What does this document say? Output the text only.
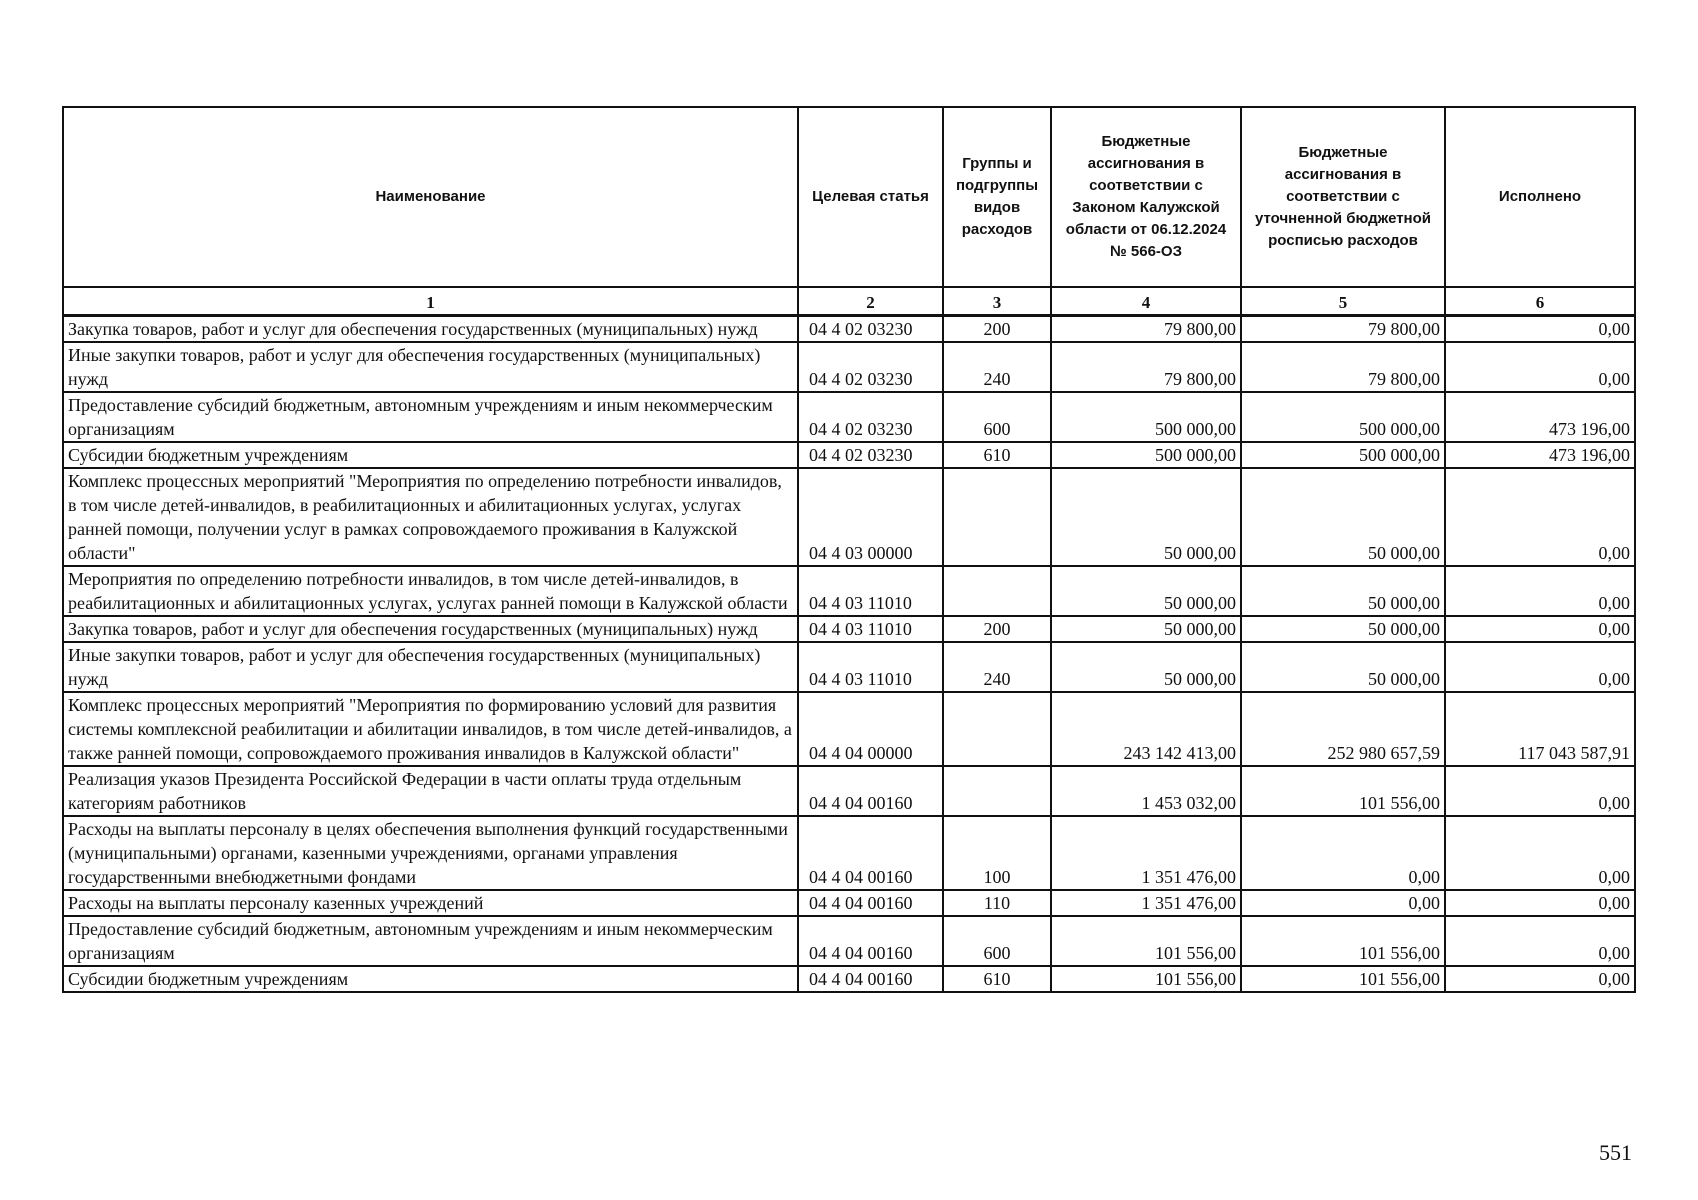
Наименование	Целевая статья	Группы и подгруппы видов расходов	Бюджетные ассигнования в соответствии с Законом Калужской области от 06.12.2024 № 566-ОЗ	Бюджетные ассигнования в соответствии с уточненной бюджетной росписью расходов	Исполнено
1	2	3	4	5	6
Закупка товаров, работ и услуг для обеспечения государственных (муниципальных) нужд	04 4 02 03230	200	79 800,00	79 800,00	0,00
Иные закупки товаров, работ и услуг для обеспечения государственных (муниципальных) нужд	04 4 02 03230	240	79 800,00	79 800,00	0,00
Предоставление субсидий бюджетным, автономным учреждениям и иным некоммерческим организациям	04 4 02 03230	600	500 000,00	500 000,00	473 196,00
Субсидии бюджетным учреждениям	04 4 02 03230	610	500 000,00	500 000,00	473 196,00
Комплекс процессных мероприятий "Мероприятия по определению потребности инвалидов, в том числе детей-инвалидов, в реабилитационных и абилитационных услугах, услугах ранней помощи, получении услуг в рамках сопровождаемого проживания в Калужской области"	04 4 03 00000		50 000,00	50 000,00	0,00
Мероприятия по определению потребности инвалидов, в том числе детей-инвалидов, в реабилитационных и абилитационных услугах, услугах ранней помощи в Калужской области	04 4 03 11010		50 000,00	50 000,00	0,00
Закупка товаров, работ и услуг для обеспечения государственных (муниципальных) нужд	04 4 03 11010	200	50 000,00	50 000,00	0,00
Иные закупки товаров, работ и услуг для обеспечения государственных (муниципальных) нужд	04 4 03 11010	240	50 000,00	50 000,00	0,00
Комплекс процессных мероприятий "Мероприятия по формированию условий для развития системы комплексной реабилитации и абилитации инвалидов, в том числе детей-инвалидов, а также ранней помощи, сопровождаемого проживания инвалидов в Калужской области"	04 4 04 00000		243 142 413,00	252 980 657,59	117 043 587,91
Реализация указов Президента Российской Федерации в части оплаты труда отдельным категориям работников	04 4 04 00160		1 453 032,00	101 556,00	0,00
Расходы на выплаты персоналу в целях обеспечения выполнения функций государственными (муниципальными) органами, казенными учреждениями, органами управления государственными внебюджетными фондами	04 4 04 00160	100	1 351 476,00	0,00	0,00
Расходы на выплаты персоналу казенных учреждений	04 4 04 00160	110	1 351 476,00	0,00	0,00
Предоставление субсидий бюджетным, автономным учреждениям и иным некоммерческим организациям	04 4 04 00160	600	101 556,00	101 556,00	0,00
Субсидии бюджетным учреждениям	04 4 04 00160	610	101 556,00	101 556,00	0,00
551
